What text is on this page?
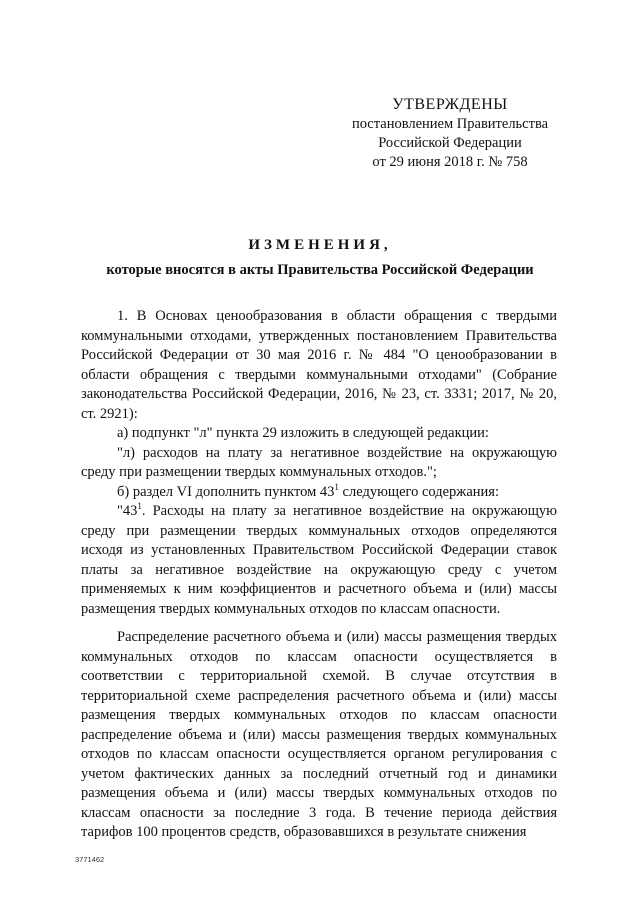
УТВЕРЖДЕНЫ
постановлением Правительства
Российской Федерации
от 29 июня 2018 г. № 758
ИЗМЕНЕНИЯ,
которые вносятся в акты Правительства Российской Федерации

1. В Основах ценообразования в области обращения с твердыми коммунальными отходами, утвержденных постановлением Правительства Российской Федерации от 30 мая 2016 г. № 484 "О ценообразовании в области обращения с твердыми коммунальными отходами" (Собрание законодательства Российской Федерации, 2016, № 23, ст. 3331; 2017, № 20, ст. 2921):

а) подпункт "л" пункта 29 изложить в следующей редакции:

"л) расходов на плату за негативное воздействие на окружающую среду при размещении твердых коммунальных отходов.";

б) раздел VI дополнить пунктом $43^1$ следующего содержания:

"$43^1$. Расходы на плату за негативное воздействие на окружающую среду при размещении твердых коммунальных отходов определяются исходя из установленных Правительством Российской Федерации ставок платы за негативное воздействие на окружающую среду с учетом применяемых к ним коэффициентов и расчетного объема и (или) массы размещения твердых коммунальных отходов по классам опасности.

Распределение расчетного объема и (или) массы размещения твердых коммунальных отходов по классам опасности осуществляется в соответствии с территориальной схемой. В случае отсутствия в территориальной схеме распределения расчетного объема и (или) массы размещения твердых коммунальных отходов по классам опасности распределение объема и (или) массы размещения твердых коммунальных отходов по классам опасности осуществляется органом регулирования с учетом фактических данных за последний отчетный год и динамики размещения объема и (или) массы твердых коммунальных отходов по классам опасности за последние 3 года. В течение периода действия тарифов 100 процентов средств, образовавшихся в результате снижения

3771462
